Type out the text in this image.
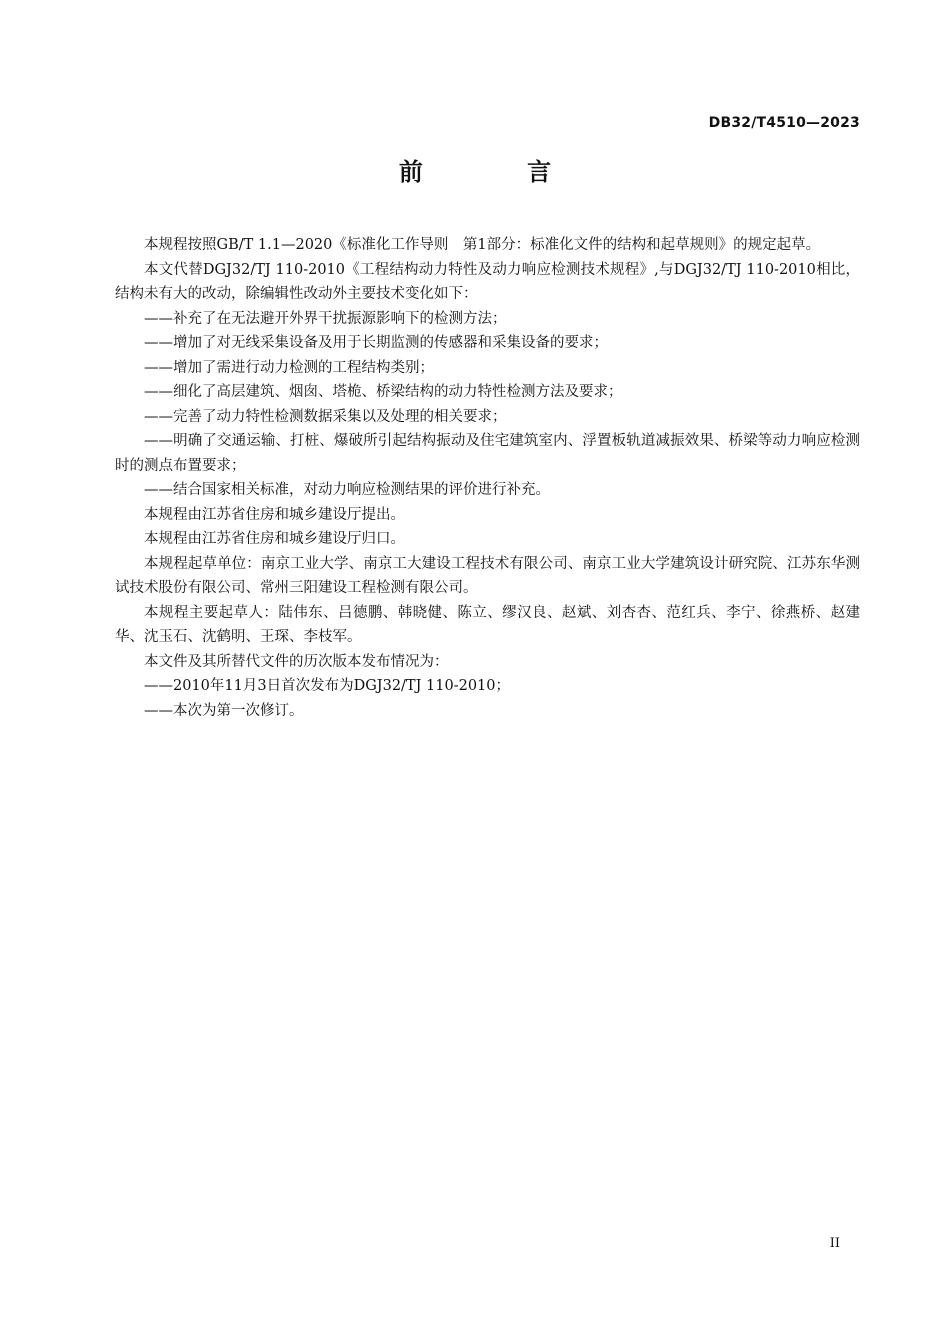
DB32/T4510—2023
前 言

本规程按照GB/T 1.1—2020《标准化工作导则　第1部分：标准化文件的结构和起草规则》的规定起草。

本文代替DGJ32/TJ 110-2010《工程结构动力特性及动力响应检测技术规程》,与DGJ32/TJ 110-2010相比，结构未有大的改动，除编辑性改动外主要技术变化如下：

——补充了在无法避开外界干扰振源影响下的检测方法；

——增加了对无线采集设备及用于长期监测的传感器和采集设备的要求；

——增加了需进行动力检测的工程结构类别；

——细化了高层建筑、烟囱、塔桅、桥梁结构的动力特性检测方法及要求；

——完善了动力特性检测数据采集以及处理的相关要求；

——明确了交通运输、打桩、爆破所引起结构振动及住宅建筑室内、浮置板轨道减振效果、桥梁等动力响应检测时的测点布置要求；

——结合国家相关标准，对动力响应检测结果的评价进行补充。

本规程由江苏省住房和城乡建设厅提出。

本规程由江苏省住房和城乡建设厅归口。

本规程起草单位：南京工业大学、南京工大建设工程技术有限公司、南京工业大学建筑设计研究院、江苏东华测试技术股份有限公司、常州三阳建设工程检测有限公司。

本规程主要起草人：陆伟东、吕德鹏、韩晓健、陈立、缪汉良、赵斌、刘杏杏、范红兵、李宁、徐燕桥、赵建华、沈玉石、沈鹤明、王琛、李枝军。

本文件及其所替代文件的历次版本发布情况为：

——2010年11月3日首次发布为DGJ32/TJ 110-2010；

——本次为第一次修订。

II
